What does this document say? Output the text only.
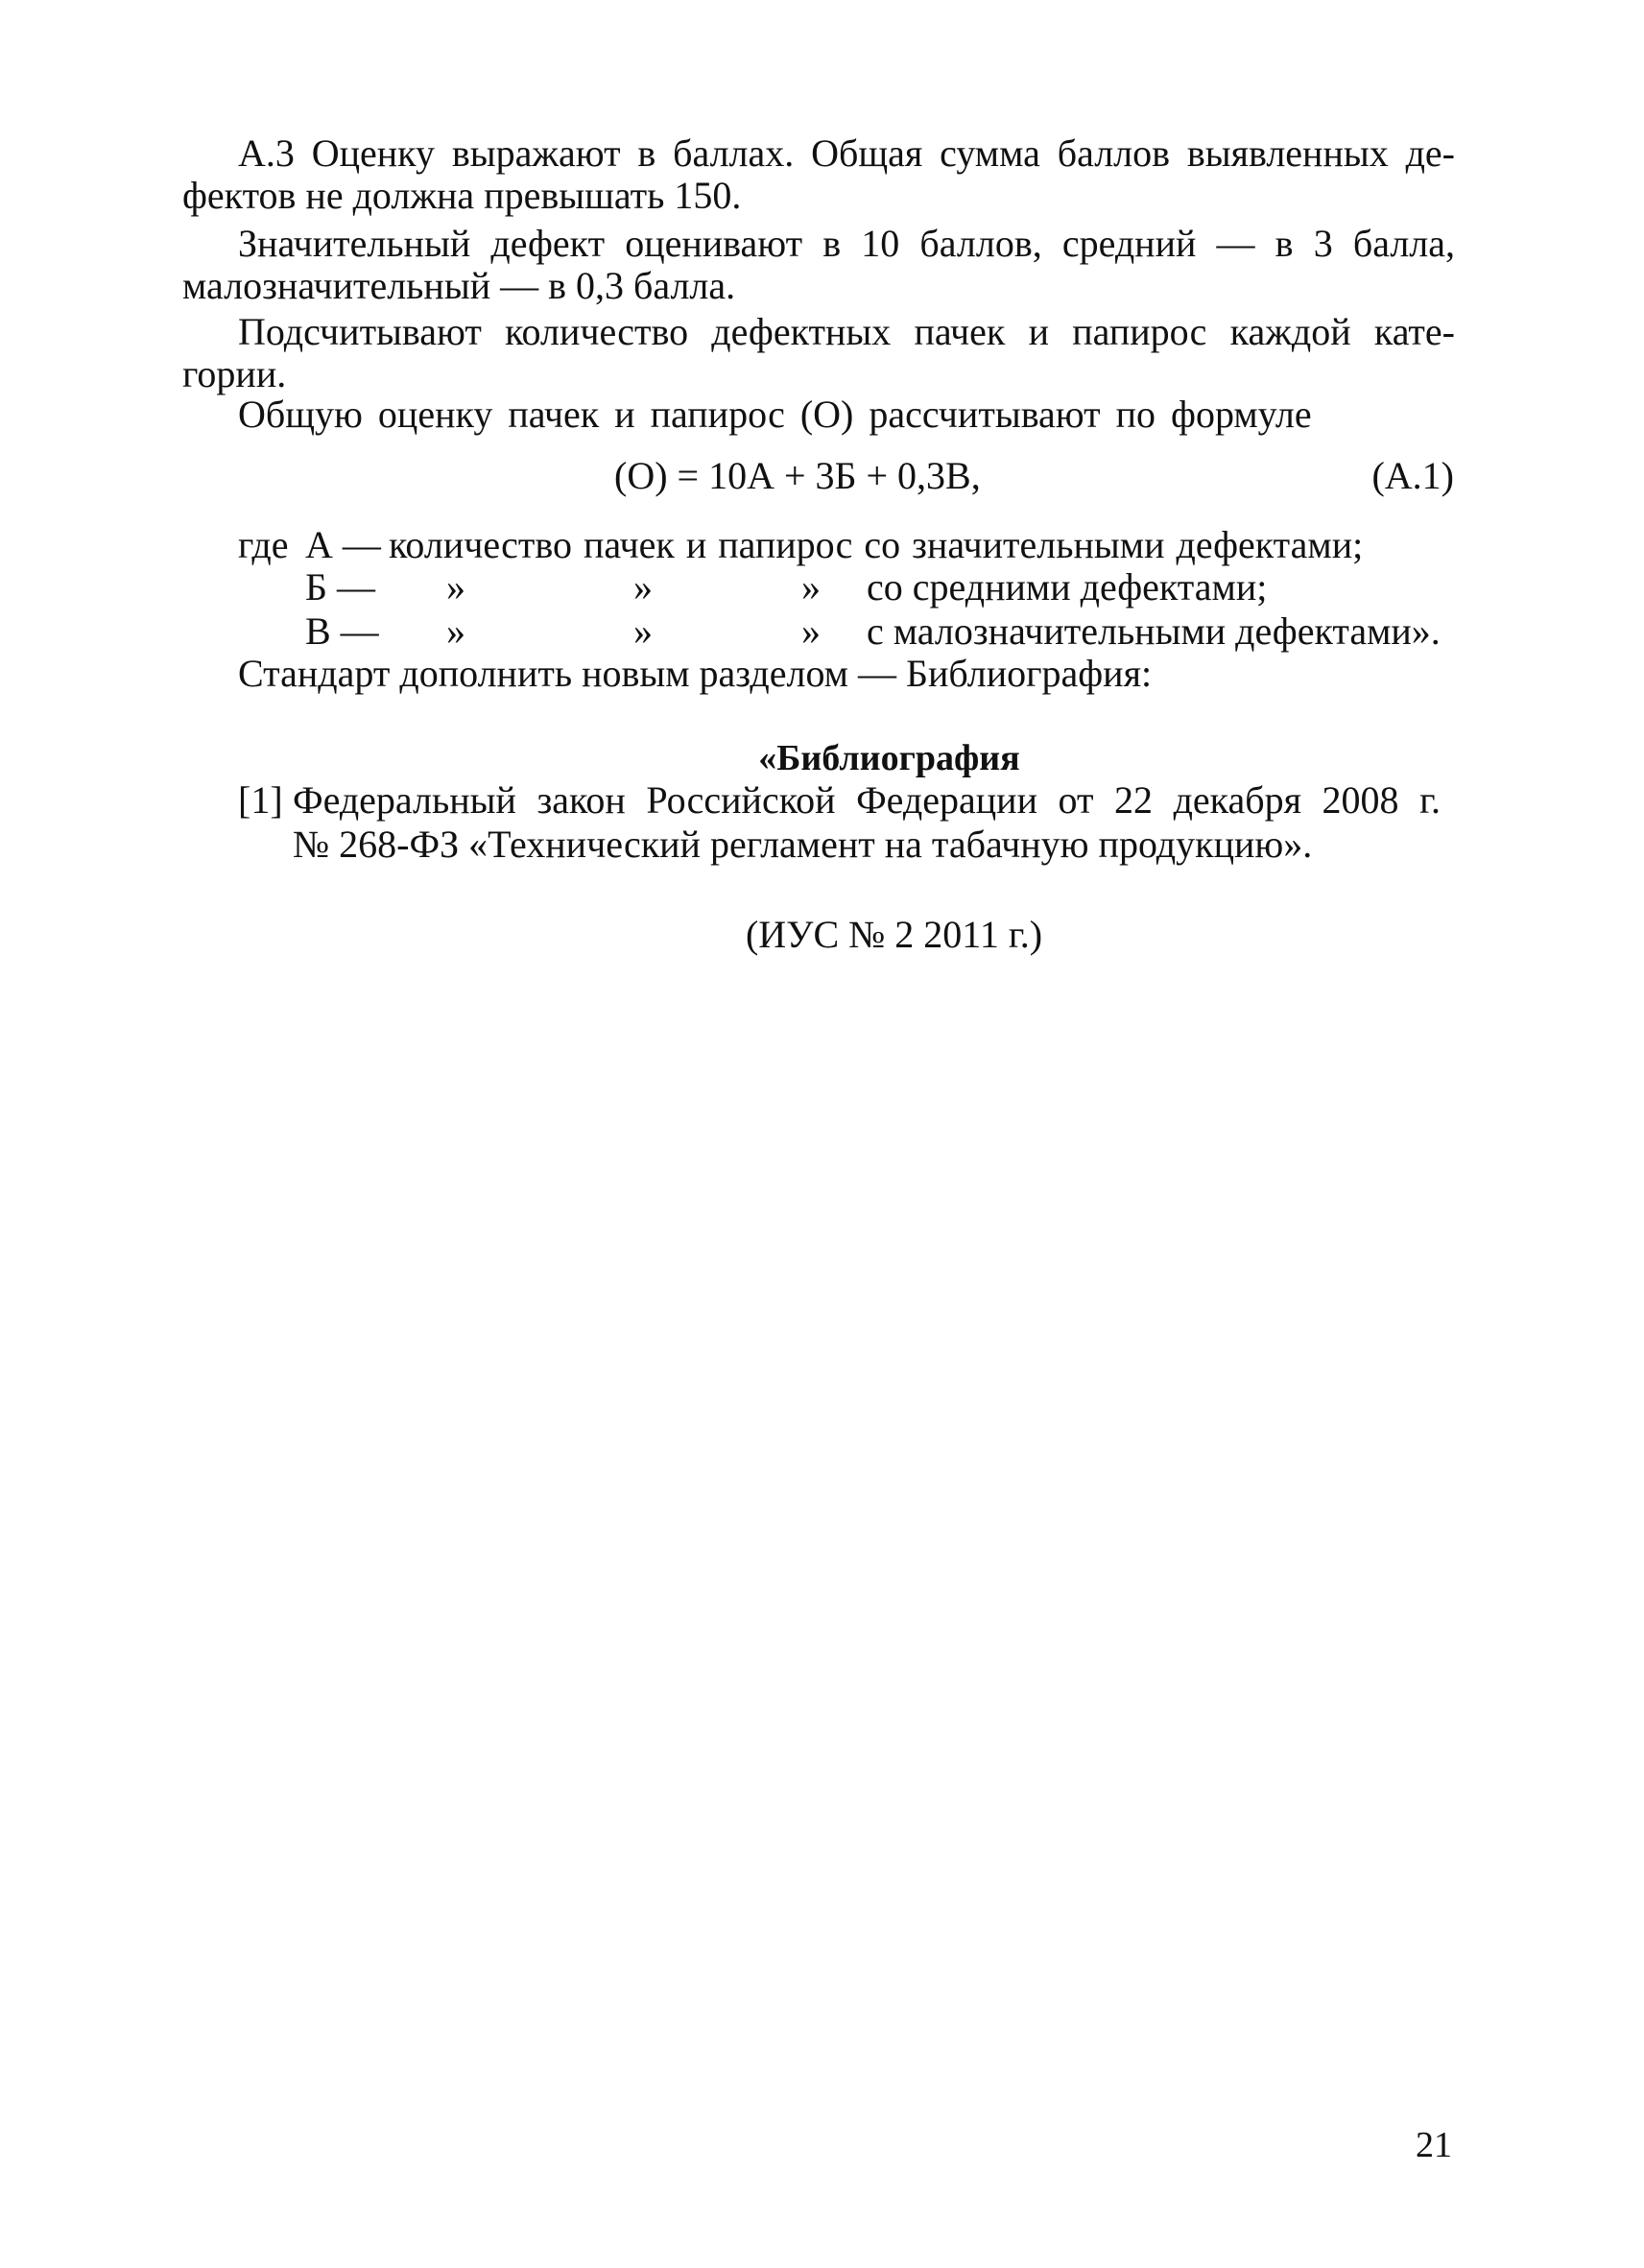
А.3 Оценку выражают в баллах. Общая сумма баллов выявленных де-
фектов не должна превышать 150.
Значительный дефект оценивают в 10 баллов, средний — в 3 балла,
малозначительный — в 0,3 балла.
Подсчитывают количество дефектных пачек и папирос каждой кате-
гории.
Общую оценку пачек и папирос (О) рассчитывают по формуле
(О) = 10А + 3Б + 0,3В,	(А.1)
где А — количество пачек и папирос со значительными дефектами;
Б — »	»	» со средними дефектами;
В — »	»	» с малозначительными дефектами».
Стандарт дополнить новым разделом — Библиография:
«Библиография
[1] Федеральный закон Российской Федерации от 22 декабря 2008 г.
№ 268-ФЗ «Технический регламент на табачную продукцию».
(ИУС № 2 2011 г.)
21
